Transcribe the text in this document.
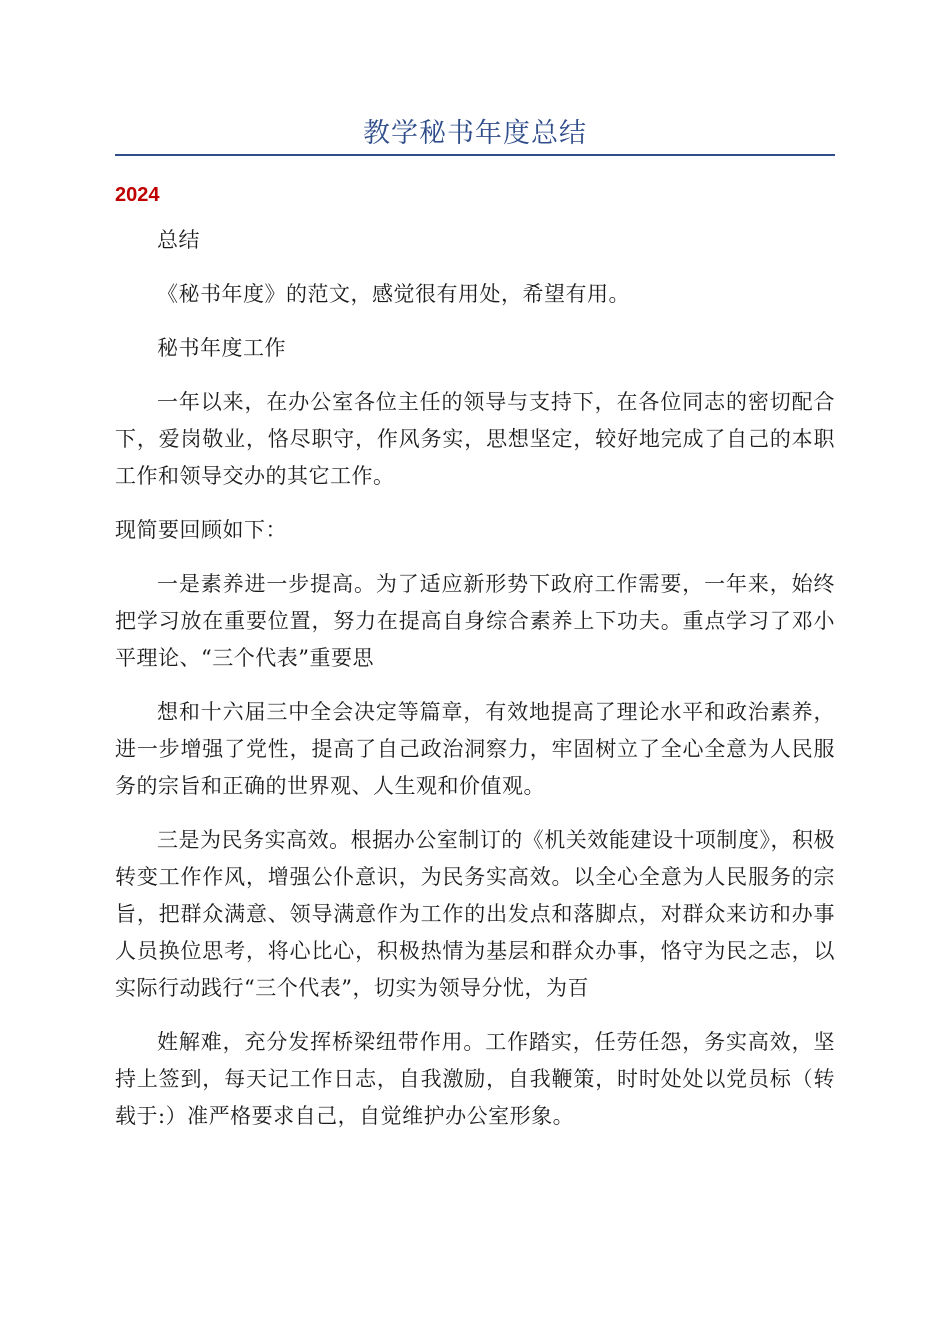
教学秘书年度总结
2024

总结

《秘书年度》的范文，感觉很有用处，希望有用。

秘书年度工作

一年以来，在办公室各位主任的领导与支持下，在各位同志的密切配合下，爱岗敬业，恪尽职守，作风务实，思想坚定，较好地完成了自己的本职工作和领导交办的其它工作。

现简要回顾如下：

一是素养进一步提高。为了适应新形势下政府工作需要，一年来，始终把学习放在重要位置，努力在提高自身综合素养上下功夫。重点学习了邓小平理论、“三个代表”重要思

想和十六届三中全会决定等篇章，有效地提高了理论水平和政治素养，进一步增强了党性，提高了自己政治洞察力，牢固树立了全心全意为人民服务的宗旨和正确的世界观、人生观和价值观。

三是为民务实高效。根据办公室制订的《机关效能建设十项制度》，积极转变工作作风，增强公仆意识，为民务实高效。以全心全意为人民服务的宗旨，把群众满意、领导满意作为工作的出发点和落脚点，对群众来访和办事人员换位思考，将心比心，积极热情为基层和群众办事，恪守为民之志，以实际行动践行“三个代表”，切实为领导分忧，为百

姓解难，充分发挥桥梁纽带作用。工作踏实，任劳任怨，务实高效，坚持上签到，每天记工作日志，自我激励，自我鞭策，时时处处以党员标（转载于:）准严格要求自己，自觉维护办公室形象。
